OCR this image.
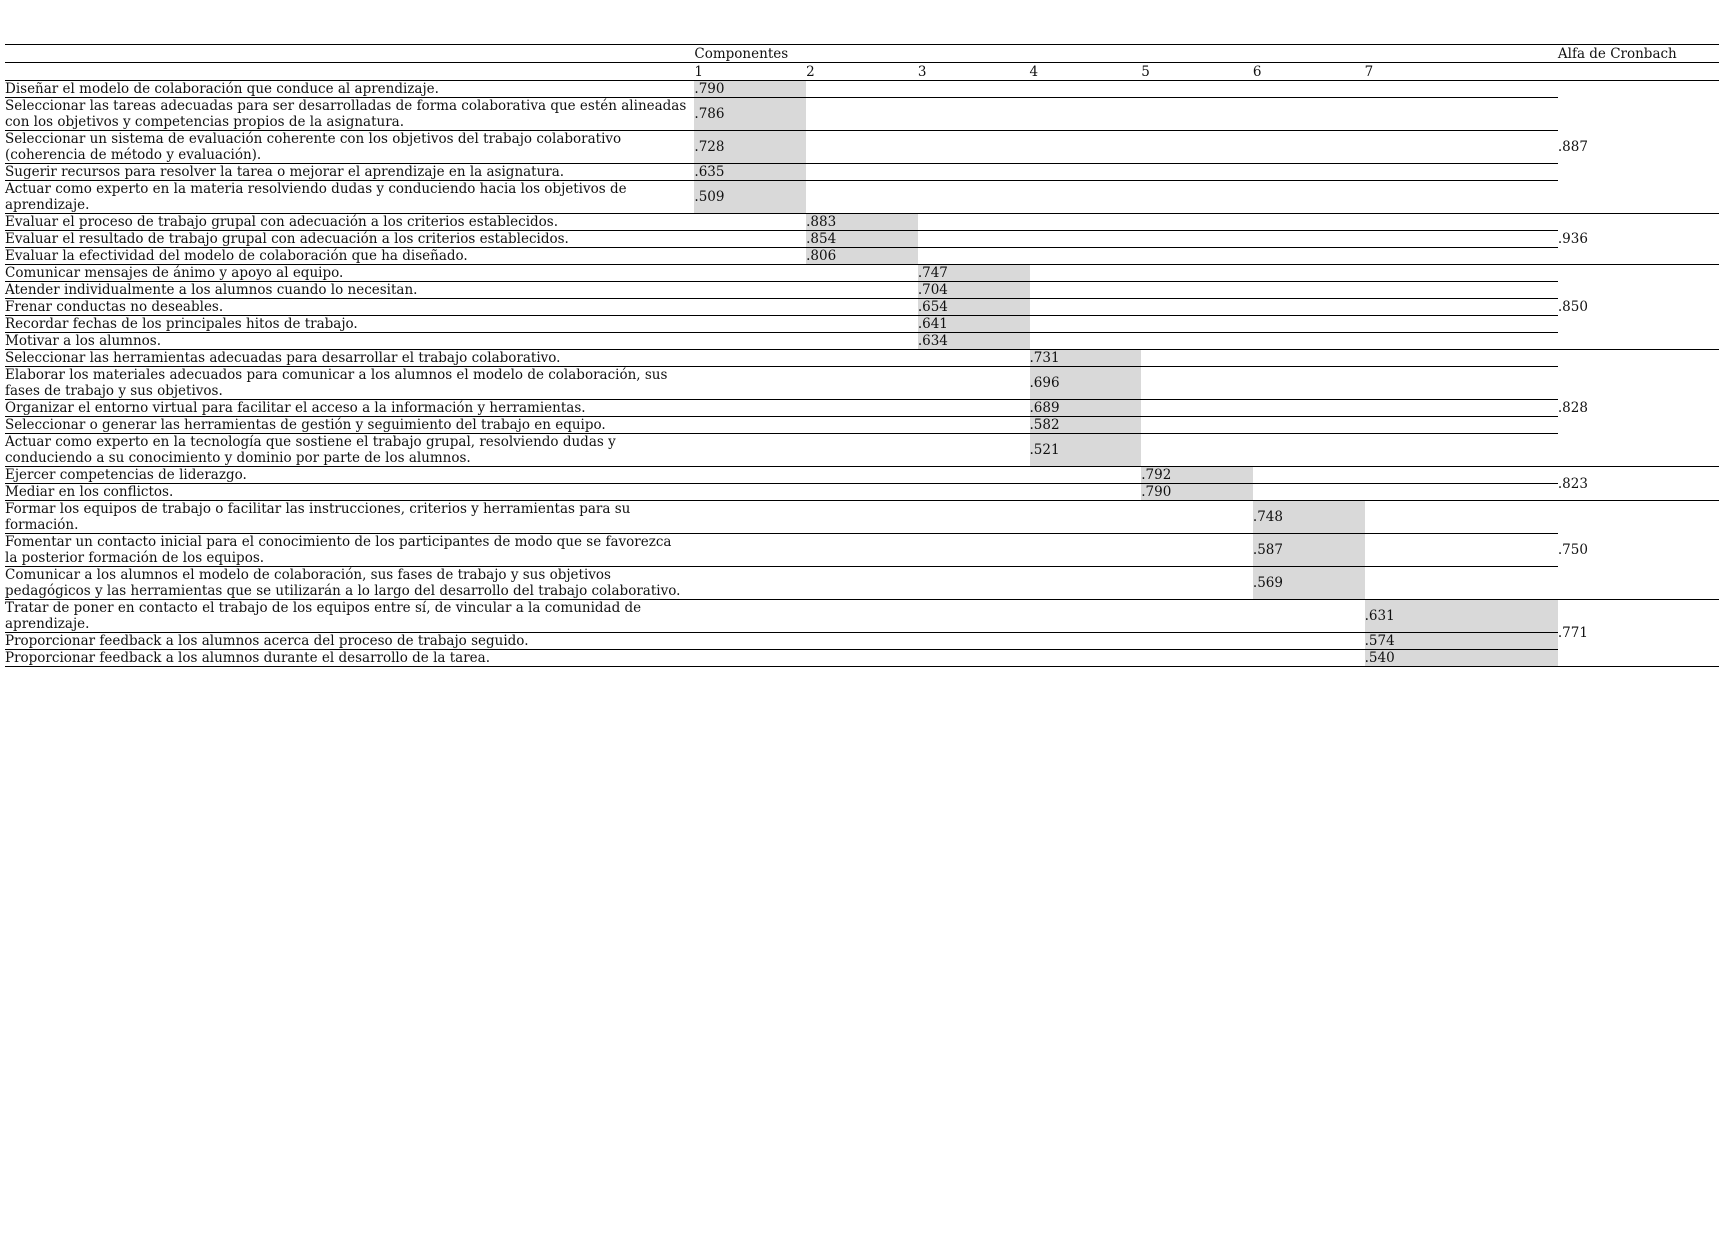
	Componentes							Alfa de Cronbach
	1	2	3	4	5	6	7	
Diseñar el modelo de colaboración que conduce al aprendizaje.	.790							.887
Seleccionar las tareas adecuadas para ser desarrolladas de forma colaborativa que estén alineadas con los objetivos y competencias propios de la asignatura.	.786							
Seleccionar un sistema de evaluación coherente con los objetivos del trabajo colaborativo (coherencia de método y evaluación).	.728							
Sugerir recursos para resolver la tarea o mejorar el aprendizaje en la asignatura.	.635							
Actuar como experto en la materia resolviendo dudas y conduciendo hacia los objetivos de aprendizaje.	.509							
Evaluar el proceso de trabajo grupal con adecuación a los criterios establecidos.		.883						.936
Evaluar el resultado de trabajo grupal con adecuación a los criterios establecidos.		.854						
Evaluar la efectividad del modelo de colaboración que ha diseñado.		.806						
Comunicar mensajes de ánimo y apoyo al equipo.			.747					.850
Atender individualmente a los alumnos cuando lo necesitan.			.704					
Frenar conductas no deseables.			.654					
Recordar fechas de los principales hitos de trabajo.			.641					
Motivar a los alumnos.			.634					
Seleccionar las herramientas adecuadas para desarrollar el trabajo colaborativo.				.731				.828
Elaborar los materiales adecuados para comunicar a los alumnos el modelo de colaboración, sus fases de trabajo y sus objetivos.				.696				
Organizar el entorno virtual para facilitar el acceso a la información y herramientas.				.689				
Seleccionar o generar las herramientas de gestión y seguimiento del trabajo en equipo.				.582				
Actuar como experto en la tecnología que sostiene el trabajo grupal, resolviendo dudas y conduciendo a su conocimiento y dominio por parte de los alumnos.				.521				
Ejercer competencias de liderazgo.					.792			.823
Mediar en los conflictos.					.790			
Formar los equipos de trabajo o facilitar las instrucciones, criterios y herramientas para su formación.						.748		.750
Fomentar un contacto inicial para el conocimiento de los participantes de modo que se favorezca la posterior formación de los equipos.						.587		
Comunicar a los alumnos el modelo de colaboración, sus fases de trabajo y sus objetivos pedagógicos y las herramientas que se utilizarán a lo largo del desarrollo del trabajo colaborativo.						.569		
Tratar de poner en contacto el trabajo de los equipos entre sí, de vincular a la comunidad de aprendizaje.							.631	.771
Proporcionar feedback a los alumnos acerca del proceso de trabajo seguido.							.574	
Proporcionar feedback a los alumnos durante el desarrollo de la tarea.							.540	
